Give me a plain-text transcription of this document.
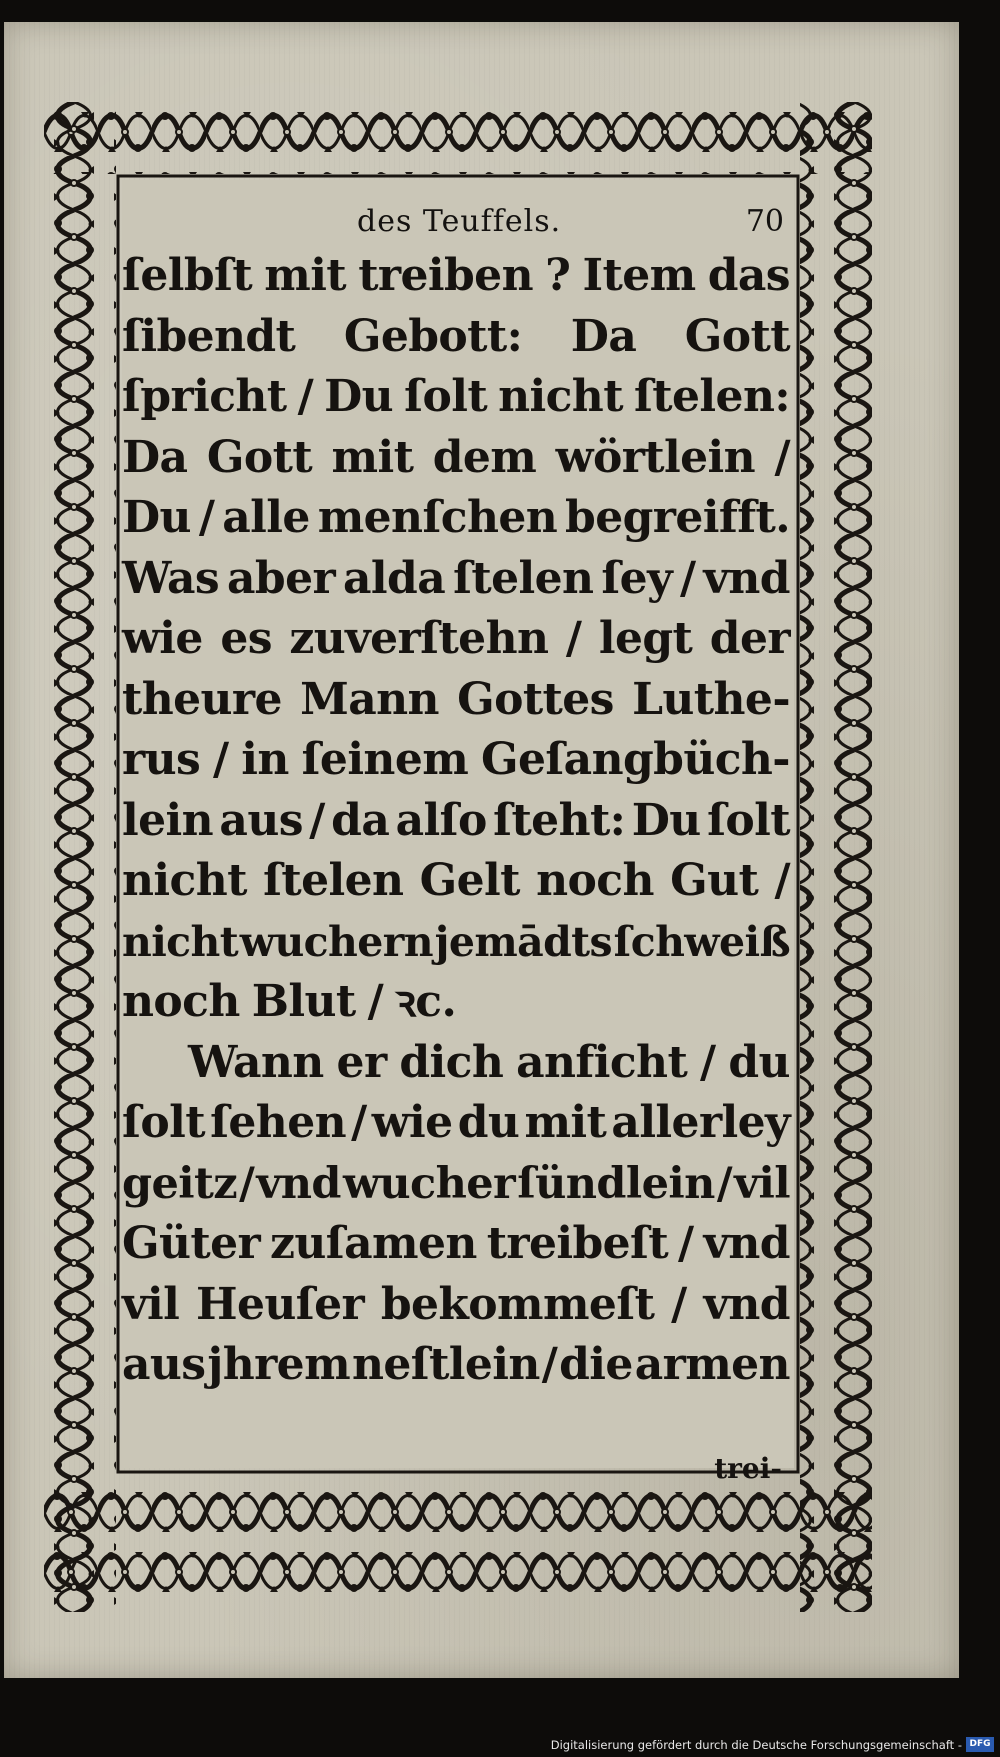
des Teuffels.	70
ſelbſt mit treiben ? Item das
ſibendt Gebott: Da Gott
ſpricht / Du ſolt nicht ſtelen:
Da Gott mit dem wörtlein /
Du / alle menſchen begreifft.
Was aber alda ſtelen ſey / vnd
wie es zuverſtehn / legt der
theure Mann Gottes Luthe-
rus / in ſeinem Geſangbüch-
lein aus / da alſo ſteht: Du ſolt
nicht ſtelen Gelt noch Gut /
nicht wuchern jemādts ſchweiß
noch Blut / ꝛc.
Wann er dich anficht / du
ſolt ſehen / wie du mit allerley
geitz / vnd wucher ſündlein / vil
Güter zuſamen treibeſt / vnd
vil Heuſer bekommeſt / vnd
aus jhrem neſtlein / die armen
trei-
Digitalisierung gefördert durch die Deutsche Forschungsgemeinschaft - DFG
